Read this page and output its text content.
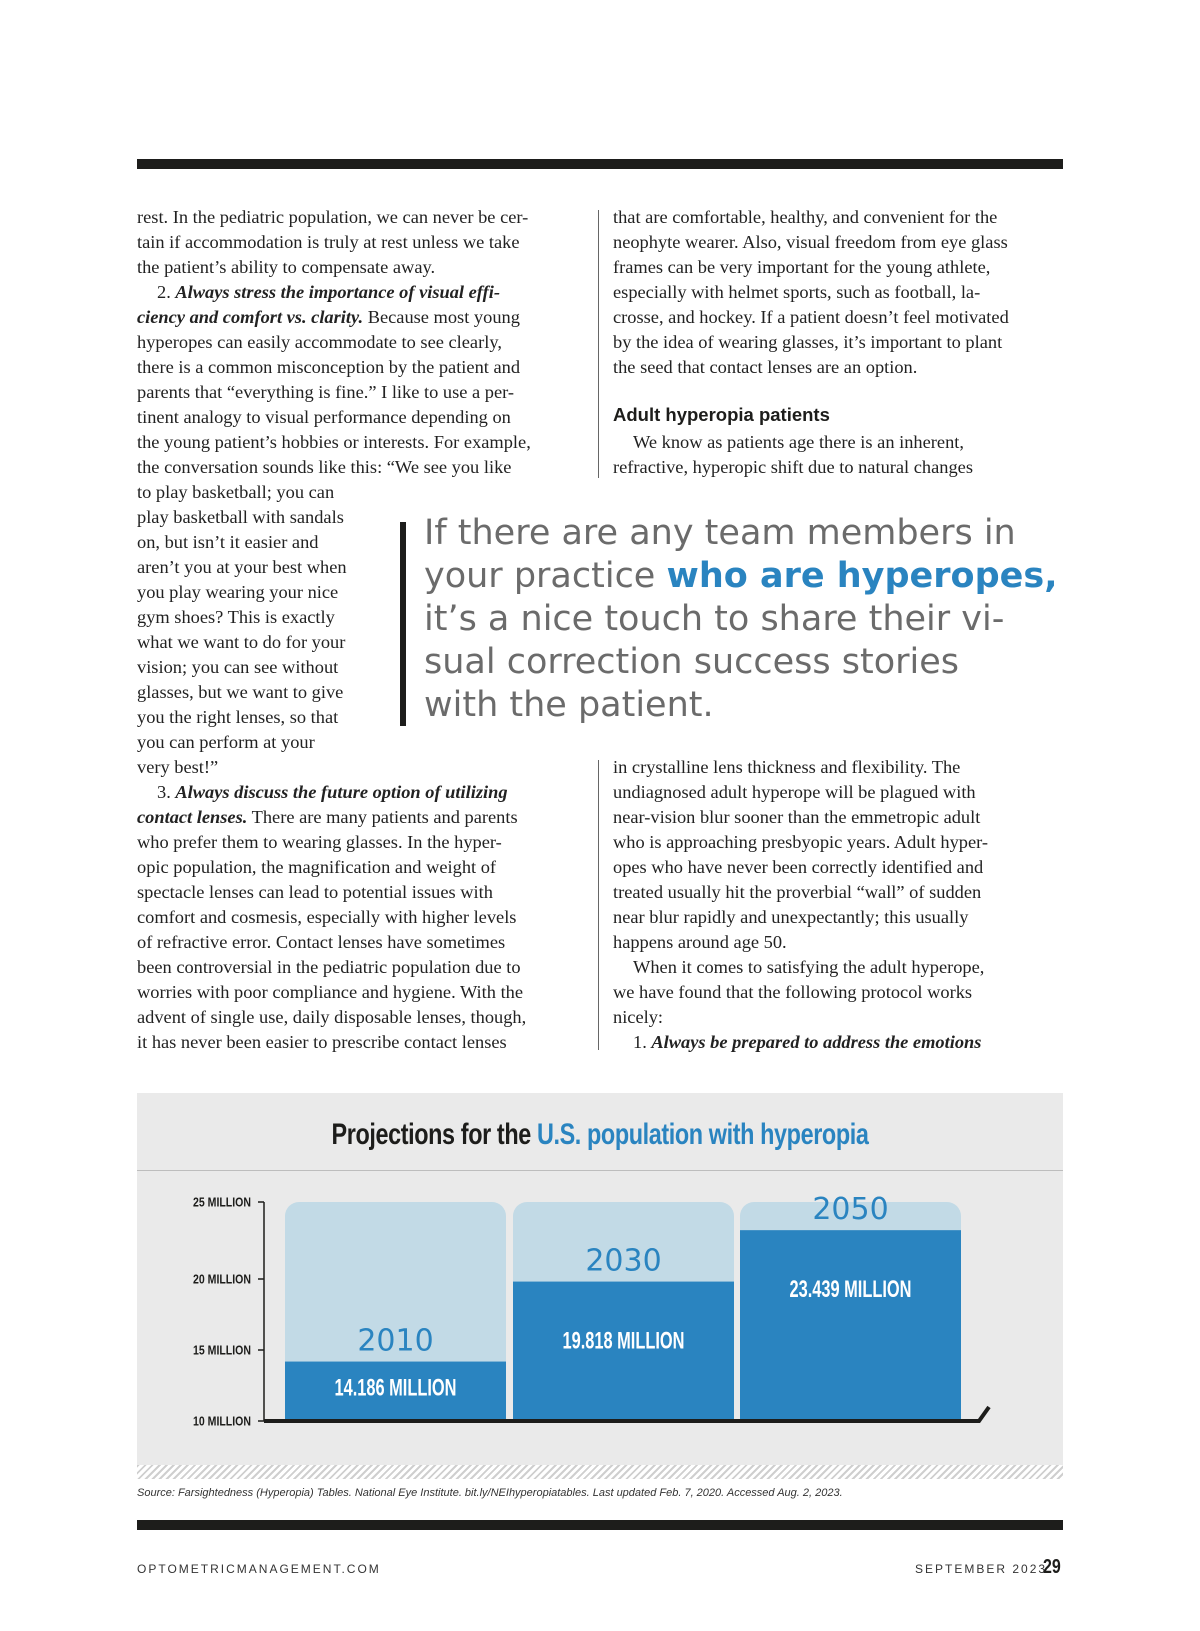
rest. In the pediatric population, we can never be cer-
tain if accommodation is truly at rest unless we take
the patient’s ability to compensate away.
2. Always stress the importance of visual effi-
ciency and comfort vs. clarity. Because most young
hyperopes can easily accommodate to see clearly,
there is a common misconception by the patient and
parents that “everything is fine.” I like to use a per-
tinent analogy to visual performance depending on
the young patient’s hobbies or interests. For example,
the conversation sounds like this: “We see you like
to play basketball; you can
play basketball with sandals
on, but isn’t it easier and
aren’t you at your best when
you play wearing your nice
gym shoes? This is exactly
what we want to do for your
vision; you can see without
glasses, but we want to give
you the right lenses, so that
you can perform at your
very best!”
3. Always discuss the future option of utilizing
contact lenses. There are many patients and parents
who prefer them to wearing glasses. In the hyper-
opic population, the magnification and weight of
spectacle lenses can lead to potential issues with
comfort and cosmesis, especially with higher levels
of refractive error. Contact lenses have sometimes
been controversial in the pediatric population due to
worries with poor compliance and hygiene. With the
advent of single use, daily disposable lenses, though,
it has never been easier to prescribe contact lenses
that are comfortable, healthy, and convenient for the
neophyte wearer. Also, visual freedom from eye glass
frames can be very important for the young athlete,
especially with helmet sports, such as football, la-
crosse, and hockey. If a patient doesn’t feel motivated
by the idea of wearing glasses, it’s important to plant
the seed that contact lenses are an option.
Adult hyperopia patients
We know as patients age there is an inherent,
refractive, hyperopic shift due to natural changes
If there are any team members in
your practice who are hyperopes,
it’s a nice touch to share their vi-
sual correction success stories
with the patient.
in crystalline lens thickness and flexibility. The
undiagnosed adult hyperope will be plagued with
near-vision blur sooner than the emmetropic adult
who is approaching presbyopic years. Adult hyper-
opes who have never been correctly identified and
treated usually hit the proverbial “wall” of sudden
near blur rapidly and unexpectantly; this usually
happens around age 50.
When it comes to satisfying the adult hyperope,
we have found that the following protocol works
nicely:
1. Always be prepared to address the emotions
Projections for the U.S. population with hyperopia
10 MILLION
15 MILLION
20 MILLION
25 MILLION
2010
14.186 MILLION
2030
19.818 MILLION
2050
23.439 MILLION
Source: Farsightedness (Hyperopia) Tables. National Eye Institute. bit.ly/NEIhyperopiatables. Last updated Feb. 7, 2020. Accessed Aug. 2, 2023.
OPTOMETRICMANAGEMENT.COM	SEPTEMBER 2023
29
